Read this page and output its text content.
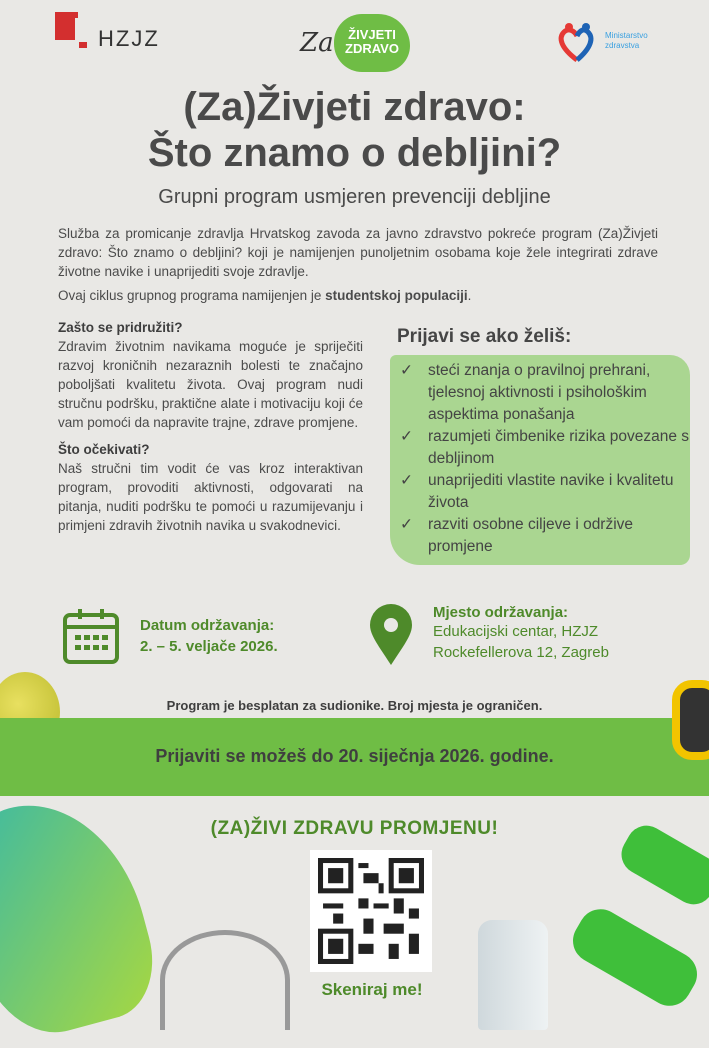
HZJZ	Za	ŽIVJETI ZDRAVO
Ministarstvo zdravstva
(Za)Živjeti zdravo:
Što znamo o debljini?
Grupni program usmjeren prevenciji debljine
Služba za promicanje zdravlja Hrvatskog zavoda za javno zdravstvo pokreće program (Za)Živjeti zdravo: Što znamo o debljini? koji je namijenjen punoljetnim osobama koje žele integrirati zdrave životne navike i unaprijediti svoje zdravlje.
Ovaj ciklus grupnog programa namijenjen je studentskoj populaciji.
Zašto se pridružiti?

Zdravim životnim navikama moguće je spriječiti razvoj kroničnih nezaraznih bolesti te značajno poboljšati kvalitetu života. Ovaj program nudi stručnu podršku, praktične alate i motivaciju koji će vam pomoći da napravite trajne, zdrave promjene.

Što očekivati?

Naš stručni tim vodit će vas kroz interaktivan program, provoditi aktivnosti, odgovarati na pitanja, nuditi podršku te pomoći u razumijevanju i primjeni zdravih životnih navika u svakodnevici.

Prijavi se ako želiš:
✓ steći znanja o pravilnoj prehrani, tjelesnoj aktivnosti i psihološkim aspektima ponašanja
✓ razumjeti čimbenike rizika povezane s debljinom
✓ unaprijediti vlastite navike i kvalitetu života
✓ razviti osobne ciljeve i održive promjene
Datum održavanja:
2. – 5. veljače 2026.
Mjesto održavanja:
Edukacijski centar, HZJZ
Rockefellerova 12, Zagreb
Program je besplatan za sudionike. Broj mjesta je ograničen.
Prijaviti se možeš do 20. siječnja 2026. godine.
(ZA)ŽIVI ZDRAVU PROMJENU!
Skeniraj me!
